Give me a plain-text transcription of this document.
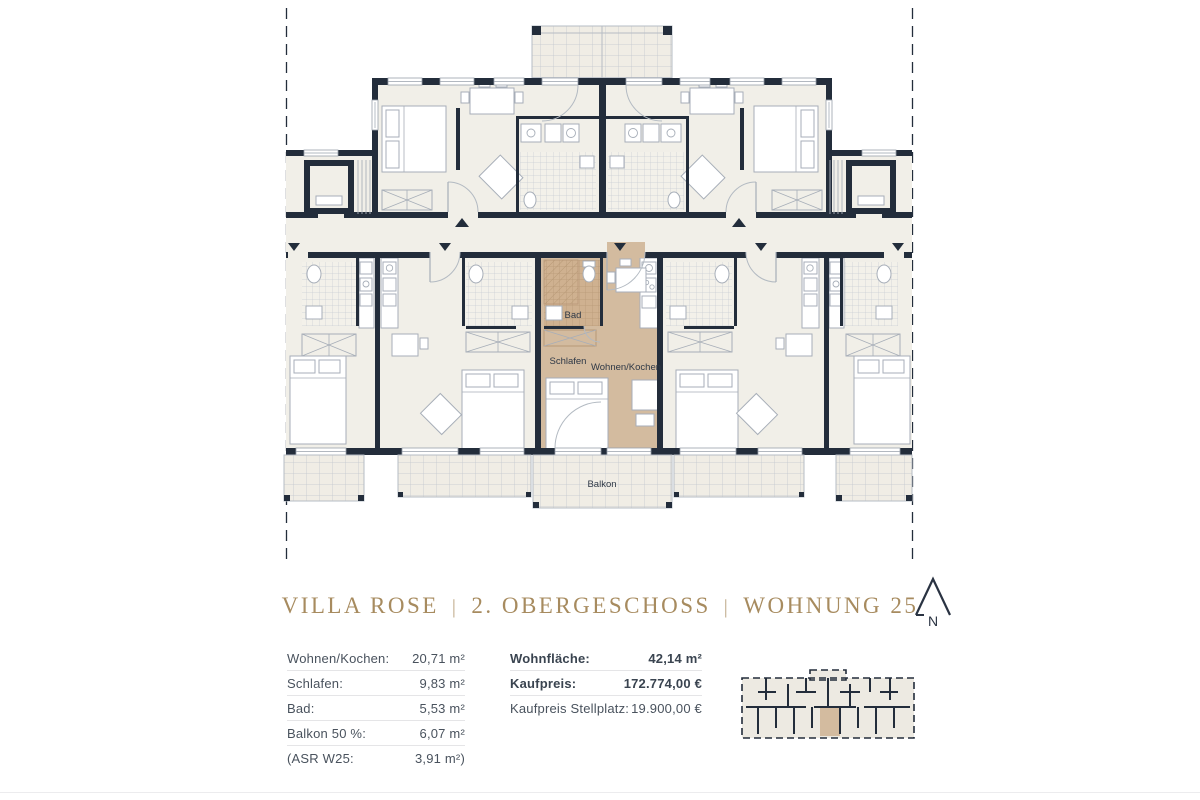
Bad
Schlafen
Wohnen/Kochen
Balkon
VILLA ROSE | 2. OBERGESCHOSS | WOHNUNG 25
N
Wohnen/Kochen: 20,71 m²
Schlafen:	9,83 m²
Bad:	5,53 m²
Balkon 50 %:	6,07 m²
(ASR W25:	3,91 m²)
Wohnfläche:	42,14 m²
Kaufpreis:	172.774,00 €
Kaufpreis Stellplatz: 19.900,00 €
